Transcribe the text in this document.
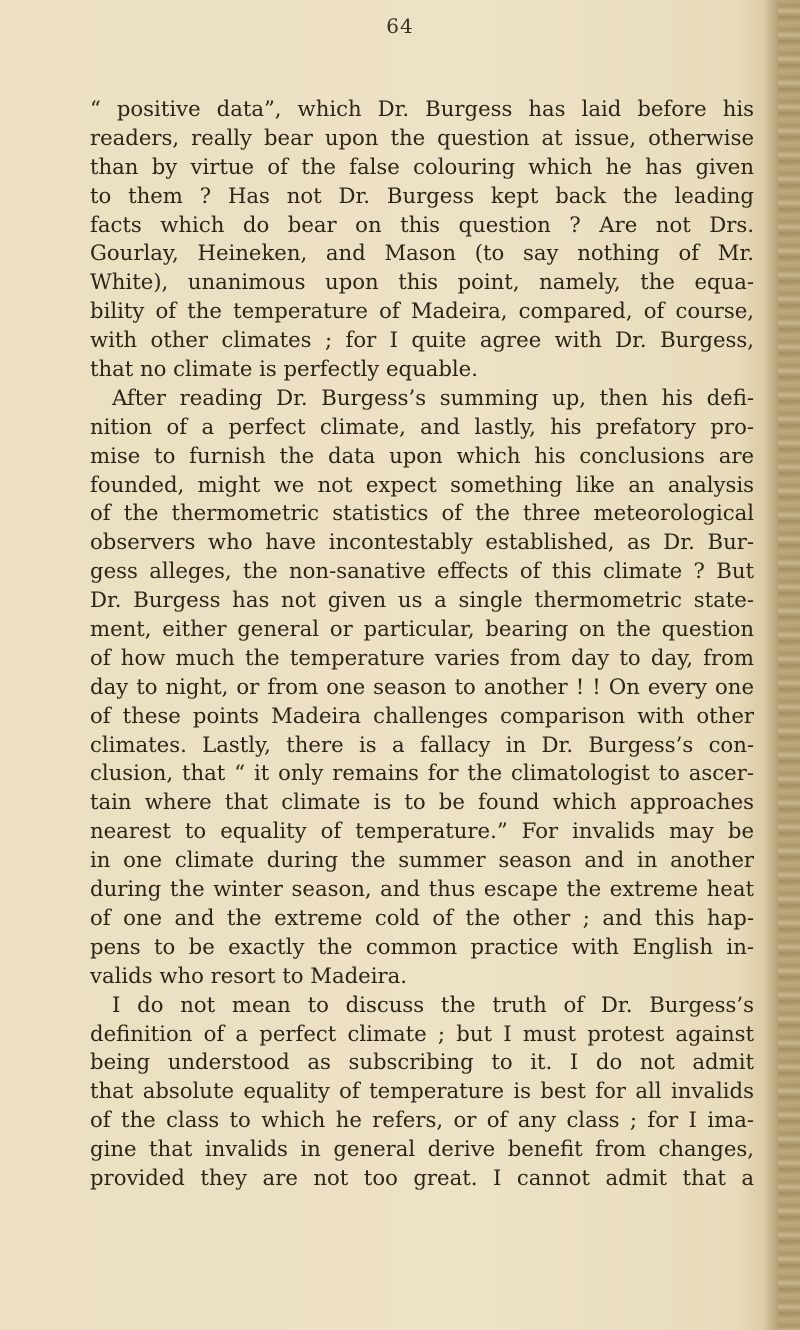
64
“ positive data”, which Dr. Burgess has laid before his
readers, really bear upon the question at issue, otherwise
than by virtue of the false colouring which he has given
to them ? Has not Dr. Burgess kept back the leading
facts which do bear on this question ? Are not Drs.
Gourlay, Heineken, and Mason (to say nothing of Mr.
White), unanimous upon this point, namely, the equa-
bility of the temperature of Madeira, compared, of course,
with other climates ; for I quite agree with Dr. Burgess,
that no climate is perfectly equable.
After reading Dr. Burgess’s summing up, then his defi-
nition of a perfect climate, and lastly, his prefatory pro-
mise to furnish the data upon which his conclusions are
founded, might we not expect something like an analysis
of the thermometric statistics of the three meteorological
observers who have incontestably established, as Dr. Bur-
gess alleges, the non-sanative effects of this climate ? But
Dr. Burgess has not given us a single thermometric state-
ment, either general or particular, bearing on the question
of how much the temperature varies from day to day, from
day to night, or from one season to another ! ! On every one
of these points Madeira challenges comparison with other
climates. Lastly, there is a fallacy in Dr. Burgess’s con-
clusion, that “ it only remains for the climatologist to ascer-
tain where that climate is to be found which approaches
nearest to equality of temperature.” For invalids may be
in one climate during the summer season and in another
during the winter season, and thus escape the extreme heat
of one and the extreme cold of the other ; and this hap-
pens to be exactly the common practice with English in-
valids who resort to Madeira.
I do not mean to discuss the truth of Dr. Burgess’s
definition of a perfect climate ; but I must protest against
being understood as subscribing to it. I do not admit
that absolute equality of temperature is best for all invalids
of the class to which he refers, or of any class ; for I ima-
gine that invalids in general derive benefit from changes,
provided they are not too great. I cannot admit that a
